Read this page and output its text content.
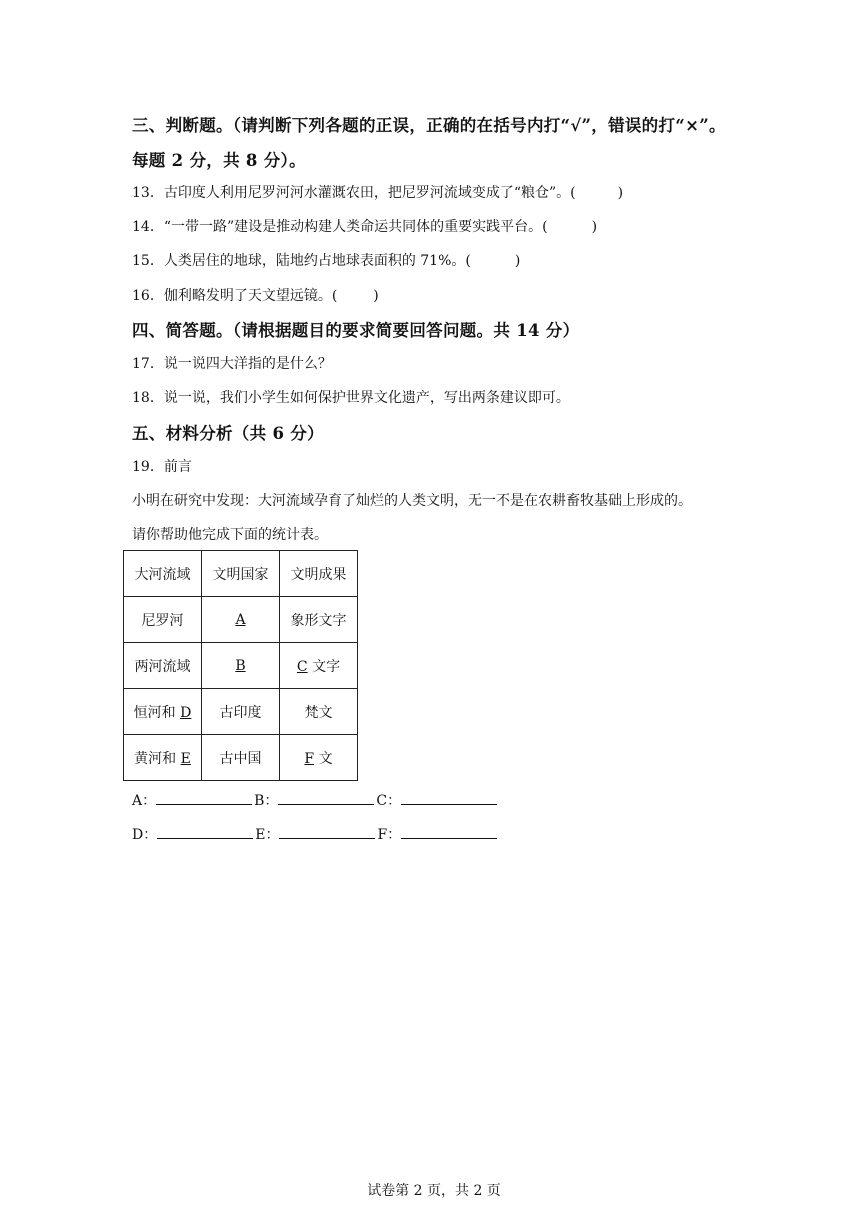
三、判断题。（请判断下列各题的正误，正确的在括号内打“√”，错误的打“×”。
每题 2 分，共 8 分）。
13．古印度人利用尼罗河河水灌溉农田，把尼罗河流域变成了“粮仓”。(	)
14．“一带一路”建设是推动构建人类命运共同体的重要实践平台。(	)
15．人类居住的地球，陆地约占地球表面积的 71%。(	)
16．伽利略发明了天文望远镜。(	)
四、简答题。（请根据题目的要求简要回答问题。共 14 分）
17．说一说四大洋指的是什么？
18．说一说，我们小学生如何保护世界文化遗产，写出两条建议即可。
五、材料分析（共 6 分）
19．前言
小明在研究中发现：大河流域孕育了灿烂的人类文明，无一不是在农耕畜牧基础上形成的。
请你帮助他完成下面的统计表。
大河流域	文明国家	文明成果
尼罗河	A	象形文字
两河流域	B	C 文字
恒河和 D	古印度	梵文
黄河和 E	古中国	F 文
A：	B：	C：
D：	E：	F：
试卷第 2 页，共 2 页
